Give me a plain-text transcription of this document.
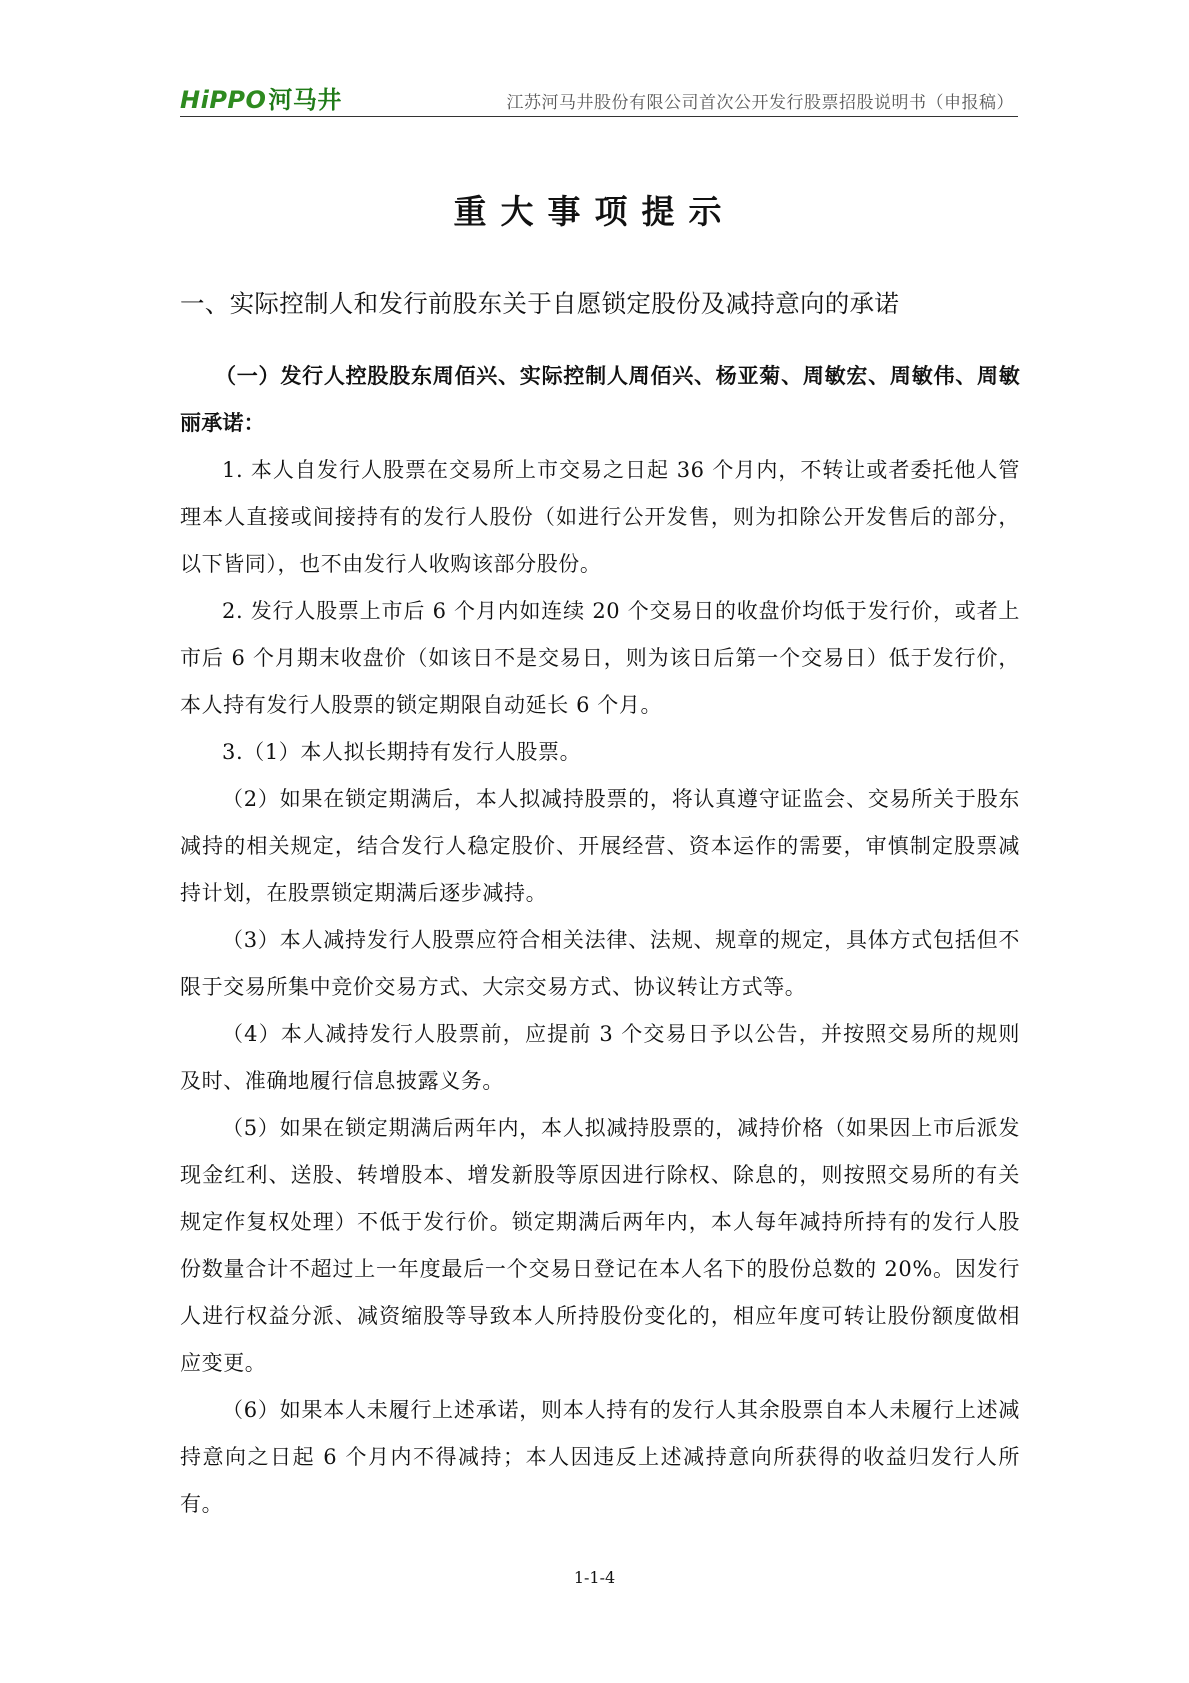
HiPPO河马井	江苏河马井股份有限公司首次公开发行股票招股说明书（申报稿）
重大事项提示
一、实际控制人和发行前股东关于自愿锁定股份及减持意向的承诺

（一）发行人控股股东周佰兴、实际控制人周佰兴、杨亚菊、周敏宏、周敏伟、周敏丽承诺：

1. 本人自发行人股票在交易所上市交易之日起 36 个月内，不转让或者委托他人管理本人直接或间接持有的发行人股份（如进行公开发售，则为扣除公开发售后的部分，以下皆同），也不由发行人收购该部分股份。

2. 发行人股票上市后 6 个月内如连续 20 个交易日的收盘价均低于发行价，或者上市后 6 个月期末收盘价（如该日不是交易日，则为该日后第一个交易日）低于发行价，本人持有发行人股票的锁定期限自动延长 6 个月。

3.（1）本人拟长期持有发行人股票。

（2）如果在锁定期满后，本人拟减持股票的，将认真遵守证监会、交易所关于股东减持的相关规定，结合发行人稳定股价、开展经营、资本运作的需要，审慎制定股票减持计划，在股票锁定期满后逐步减持。

（3）本人减持发行人股票应符合相关法律、法规、规章的规定，具体方式包括但不限于交易所集中竞价交易方式、大宗交易方式、协议转让方式等。

（4）本人减持发行人股票前，应提前 3 个交易日予以公告，并按照交易所的规则及时、准确地履行信息披露义务。

（5）如果在锁定期满后两年内，本人拟减持股票的，减持价格（如果因上市后派发现金红利、送股、转增股本、增发新股等原因进行除权、除息的，则按照交易所的有关规定作复权处理）不低于发行价。锁定期满后两年内，本人每年减持所持有的发行人股份数量合计不超过上一年度最后一个交易日登记在本人名下的股份总数的 20%。因发行人进行权益分派、减资缩股等导致本人所持股份变化的，相应年度可转让股份额度做相应变更。

（6）如果本人未履行上述承诺，则本人持有的发行人其余股票自本人未履行上述减持意向之日起 6 个月内不得减持；本人因违反上述减持意向所获得的收益归发行人所有。

1-1-4
